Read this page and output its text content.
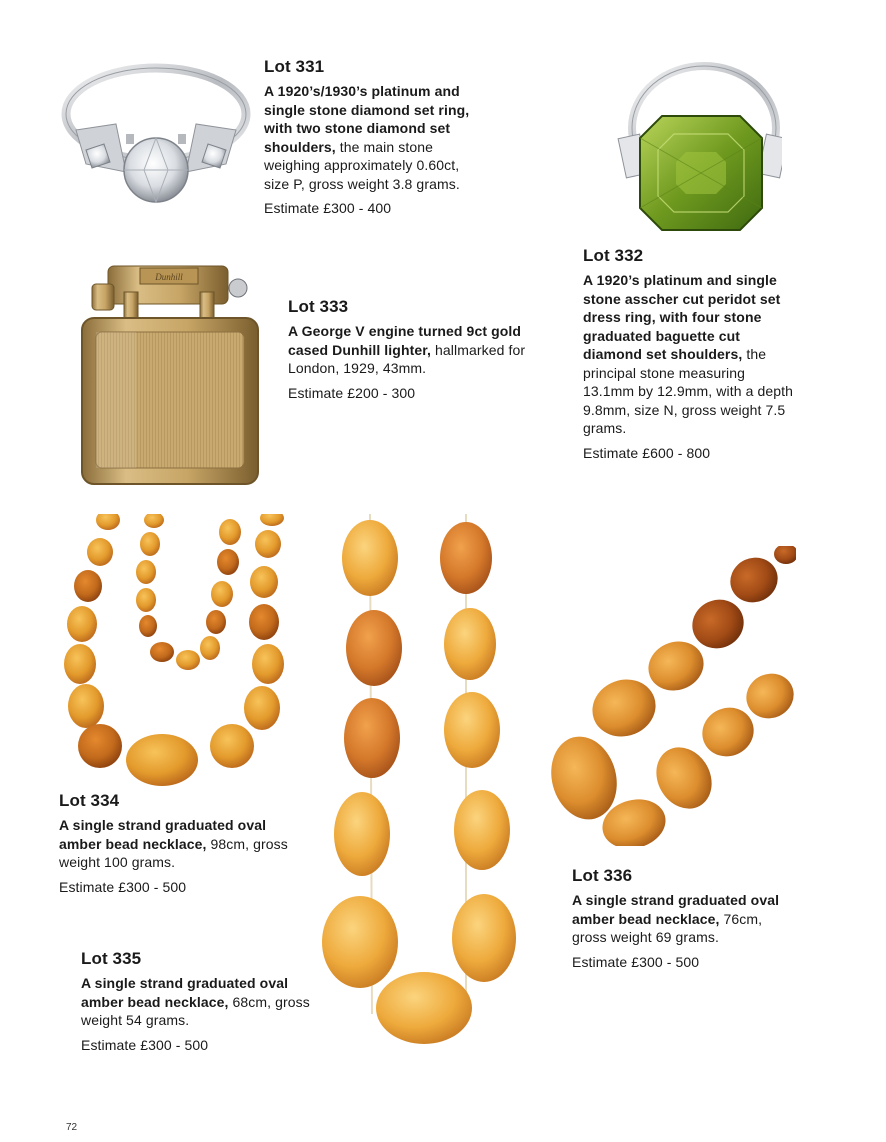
Lot 331

A 1920’s/1930’s platinum and single stone diamond set ring, with two stone diamond set shoulders, the main stone weighing approximately 0.60ct, size P, gross weight 3.8 grams.

Estimate £300 - 400

Lot 332

A 1920’s platinum and single stone asscher cut peridot set dress ring, with four stone graduated baguette cut diamond set shoulders, the principal stone measuring 13.1mm by 12.9mm, with a depth 9.8mm, size N, gross weight 7.5 grams.

Estimate £600 - 800

Dunhill
Lot 333

A George V engine turned 9ct gold cased Dunhill lighter, hallmarked for London, 1929, 43mm.

Estimate £200 - 300

Lot 334

A single strand graduated oval amber bead necklace, 98cm, gross weight 100 grams.

Estimate £300 - 500

Lot 335

A single strand graduated oval amber bead necklace, 68cm, gross weight 54 grams.

Estimate £300 - 500

Lot 336

A single strand graduated oval amber bead necklace, 76cm, gross weight 69 grams.

Estimate £300 - 500

72
